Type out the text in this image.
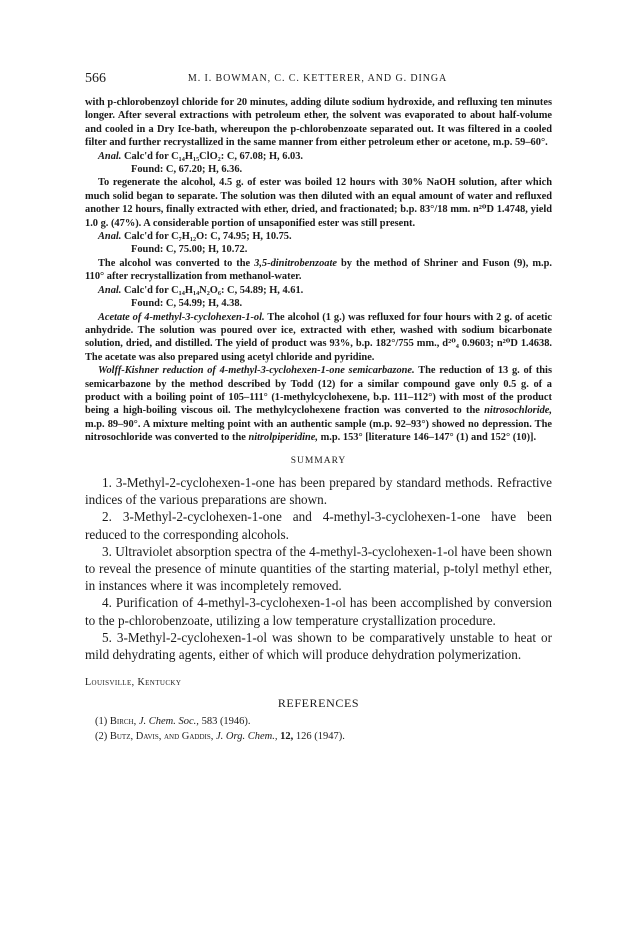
566	M. I. BOWMAN, C. C. KETTERER, AND G. DINGA

with p-chlorobenzoyl chloride for 20 minutes, adding dilute sodium hydroxide, and refluxing ten minutes longer. After several extractions with petroleum ether, the solvent was evaporated to about half-volume and cooled in a Dry Ice-bath, whereupon the p-chlorobenzoate separated out. It was filtered in a cooled filter and further recrystallized in the same manner from either petroleum ether or acetone, m.p. 59–60°.

Anal. Calc'd for C₁₄H₁₅ClO₂: C, 67.08; H, 6.03.

Found: C, 67.20; H, 6.36.

To regenerate the alcohol, 4.5 g. of ester was boiled 12 hours with 30% NaOH solution, after which much solid began to separate. The solution was then diluted with an equal amount of water and refluxed another 12 hours, finally extracted with ether, dried, and fractionated; b.p. 83°/18 mm. n²⁰D 1.4748, yield 1.0 g. (47%). A considerable portion of unsaponified ester was still present.

Anal. Calc'd for C₇H₁₂O: C, 74.95; H, 10.75.

Found: C, 75.00; H, 10.72.

The alcohol was converted to the 3,5-dinitrobenzoate by the method of Shriner and Fuson (9), m.p. 110° after recrystallization from methanol-water.

Anal. Calc'd for C₁₄H₁₄N₂O₆: C, 54.89; H, 4.61.

Found: C, 54.99; H, 4.38.

Acetate of 4-methyl-3-cyclohexen-1-ol. The alcohol (1 g.) was refluxed for four hours with 2 g. of acetic anhydride. The solution was poured over ice, extracted with ether, washed with sodium bicarbonate solution, dried, and distilled. The yield of product was 93%, b.p. 182°/755 mm., d²⁰₄ 0.9603; n²⁰D 1.4638. The acetate was also prepared using acetyl chloride and pyridine.

Wolff-Kishner reduction of 4-methyl-3-cyclohexen-1-one semicarbazone. The reduction of 13 g. of this semicarbazone by the method described by Todd (12) for a similar compound gave only 0.5 g. of a product with a boiling point of 105–111° (1-methylcyclohexene, b.p. 111–112°) with most of the product being a high-boiling viscous oil. The methylcyclohexene fraction was converted to the nitrosochloride, m.p. 89–90°. A mixture melting point with an authentic sample (m.p. 92–93°) showed no depression. The nitrosochloride was converted to the nitrolpiperidine, m.p. 153° [literature 146–147° (1) and 152° (10)].

SUMMARY

1. 3-Methyl-2-cyclohexen-1-one has been prepared by standard methods. Refractive indices of the various preparations are shown.

2. 3-Methyl-2-cyclohexen-1-one and 4-methyl-3-cyclohexen-1-one have been reduced to the corresponding alcohols.

3. Ultraviolet absorption spectra of the 4-methyl-3-cyclohexen-1-ol have been shown to reveal the presence of minute quantities of the starting material, p-tolyl methyl ether, in instances where it was incompletely removed.

4. Purification of 4-methyl-3-cyclohexen-1-ol has been accomplished by conversion to the p-chlorobenzoate, utilizing a low temperature crystallization procedure.

5. 3-Methyl-2-cyclohexen-1-ol was shown to be comparatively unstable to heat or mild dehydrating agents, either of which will produce dehydration polymerization.

Louisville, Kentucky
REFERENCES

(1) Birch, J. Chem. Soc., 583 (1946).

(2) Butz, Davis, and Gaddis, J. Org. Chem., 12, 126 (1947).
